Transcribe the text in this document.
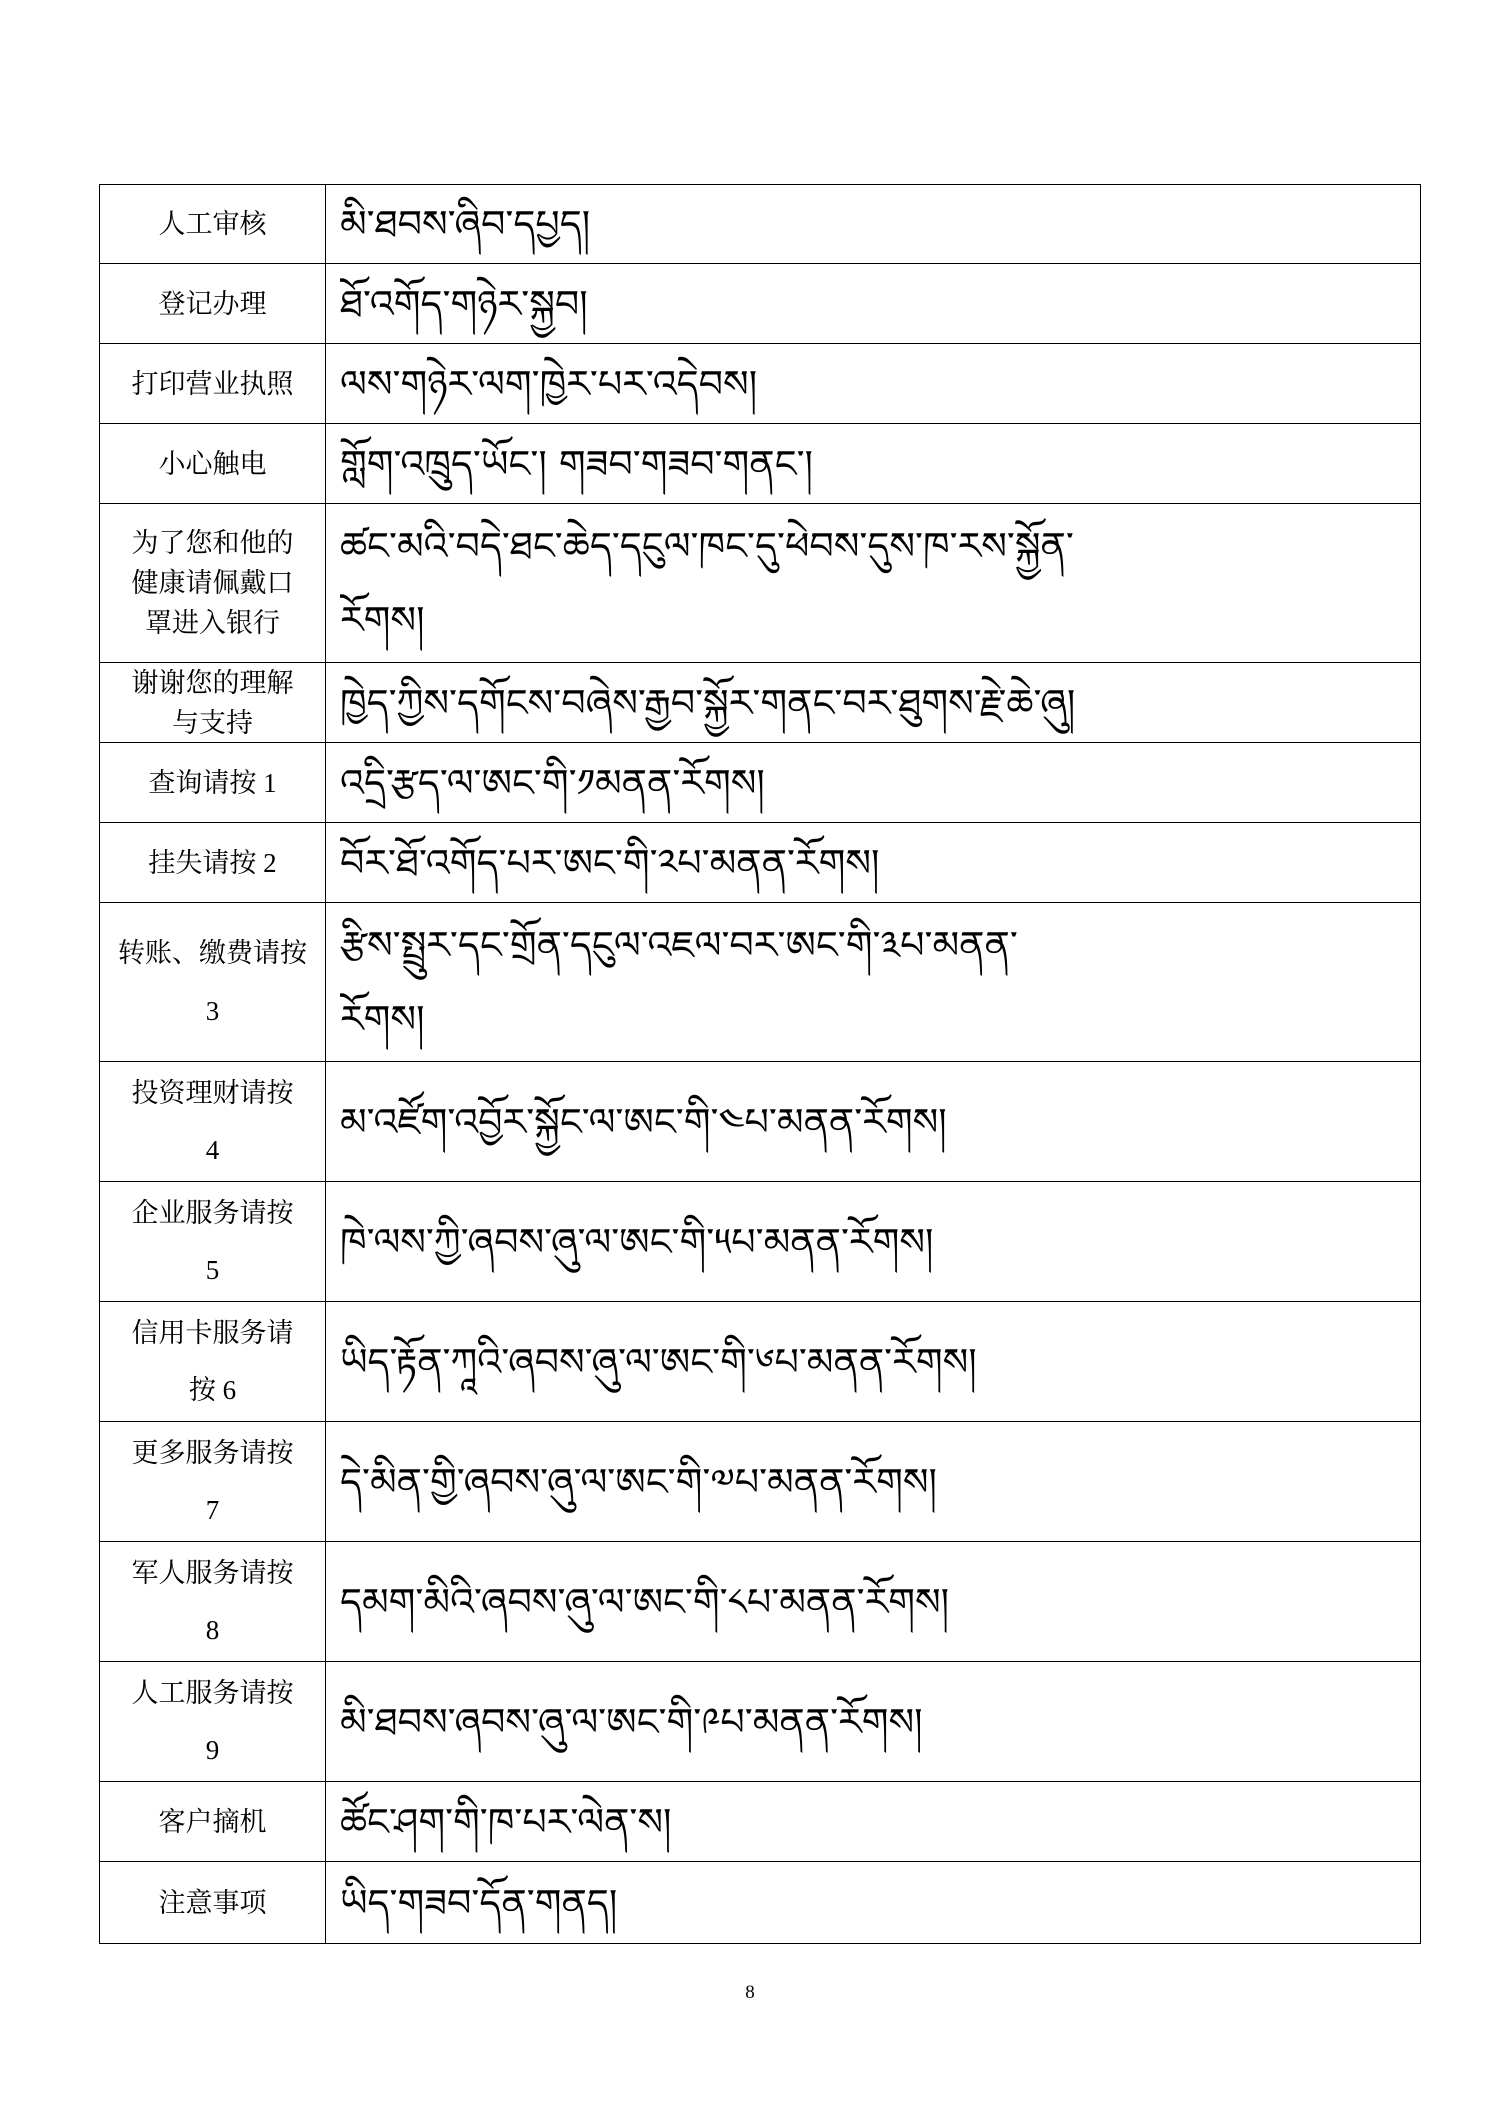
人工审核 མི་ཐབས་ཞིབ་དཔྱད།
登记办理 ཐོ་འགོད་གཉེར་སྐྱབ།
打印营业执照 ལས་གཉེར་ལག་ཁྱེར་པར་འདེབས།
小心触电 གློག་འཁྲུད་ཡོང་། གཟབ་གཟབ་གནང་།
为了您和他的
健康请佩戴口
罩进入银行
ཚང་མའི་བདེ་ཐང་ཆེད་དངུལ་ཁང་དུ་ཕེབས་དུས་ཁ་རས་སྐྱོན་
རོགས།
谢谢您的理解
与支持	ཁྱེད་ཀྱིས་དགོངས་བཞེས་རྒྱབ་སྐྱོར་གནང་བར་ཐུགས་རྗེ་ཆེ་ཞུ།
查询请按 1 འདྲི་རྩད་ལ་ཨང་གི་༡མནན་རོགས།
挂失请按 2 བོར་ཐོ་འགོད་པར་ཨང་གི་༢པ་མནན་རོགས།
转账、缴费请按
3
རྩིས་སྤྲུར་དང་གྲོན་དངུལ་འཇལ་བར་ཨང་གི་༣པ་མནན་
རོགས།
投资理财请按
4
མ་འཛོག་འབྱོར་སྐྱོང་ལ་ཨང་གི་༤པ་མནན་རོགས།
企业服务请按
5
ཁེ་ལས་ཀྱི་ཞབས་ཞུ་ལ་ཨང་གི་༥པ་མནན་རོགས།
信用卡服务请
按 6
ཡིད་རྟོན་ཀཱའི་ཞབས་ཞུ་ལ་ཨང་གི་༦པ་མནན་རོགས།
更多服务请按
7
དེ་མིན་གྱི་ཞབས་ཞུ་ལ་ཨང་གི་༧པ་མནན་རོགས།
军人服务请按
8
དམག་མིའི་ཞབས་ཞུ་ལ་ཨང་གི་༨པ་མནན་རོགས།
人工服务请按
9
མི་ཐབས་ཞབས་ཞུ་ལ་ཨང་གི་༩པ་མནན་རོགས།
客户摘机 ཚོང་ཤག་གི་ཁ་པར་ལེན་ས།
注意事项 ཡིད་གཟབ་དོན་གནད།
8
